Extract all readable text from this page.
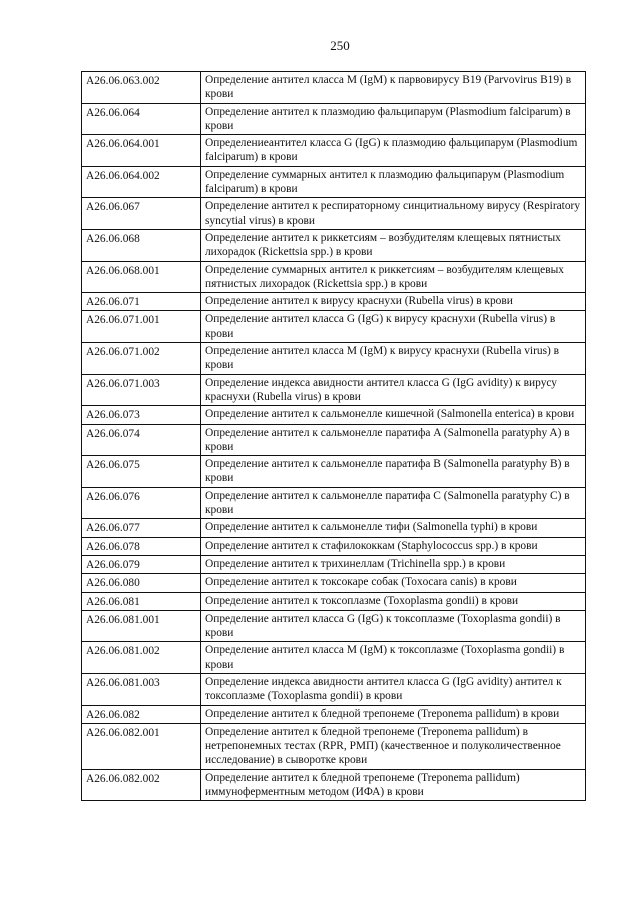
250
A26.06.063.002	Определение антител класса M (IgM) к парвовирусу B19 (Parvovirus B19) в крови
A26.06.064	Определение антител к плазмодию фальципарум (Plasmodium falciparum) в крови
A26.06.064.001	Определениеантител класса G (IgG) к плазмодию фальципарум (Plasmodium falciparum) в крови
A26.06.064.002	Определение суммарных антител к плазмодию фальципарум (Plasmodium falciparum) в крови
A26.06.067	Определение антител к респираторному синцитиальному вирусу (Respiratory syncytial virus) в крови
A26.06.068	Определение антител к риккетсиям – возбудителям клещевых пятнистых лихорадок (Rickettsia spp.) в крови
A26.06.068.001	Определение суммарных антител к риккетсиям – возбудителям клещевых пятнистых лихорадок (Rickettsia spp.) в крови
A26.06.071	Определение антител к вирусу краснухи (Rubella virus) в крови
A26.06.071.001	Определение антител класса G (IgG) к вирусу краснухи (Rubella virus) в крови
A26.06.071.002	Определение антител класса M (IgM) к вирусу краснухи (Rubella virus) в крови
A26.06.071.003	Определение индекса авидности антител класса G (IgG avidity) к вирусу краснухи (Rubella virus) в крови
A26.06.073	Определение антител к сальмонелле кишечной (Salmonella enterica) в крови
A26.06.074	Определение антител к сальмонелле паратифа A (Salmonella paratyphy A) в крови
A26.06.075	Определение антител к сальмонелле паратифа B (Salmonella paratyphy B) в крови
A26.06.076	Определение антител к сальмонелле паратифа C (Salmonella paratyphy C) в крови
A26.06.077	Определение антител к сальмонелле тифи (Salmonella typhi) в крови
A26.06.078	Определение антител к стафилококкам (Staphylococcus spp.) в крови
A26.06.079	Определение антител к трихинеллам (Trichinella spp.) в крови
A26.06.080	Определение антител к токсокаре собак (Toxocara canis) в крови
A26.06.081	Определение антител к токсоплазме (Toxoplasma gondii) в крови
A26.06.081.001	Определение антител класса G (IgG) к токсоплазме (Toxoplasma gondii) в крови
A26.06.081.002	Определение антител класса M (IgM) к токсоплазме (Toxoplasma gondii) в крови
A26.06.081.003	Определение индекса авидности антител класса G (IgG avidity) антител к токсоплазме (Toxoplasma gondii) в крови
A26.06.082	Определение антител к бледной трепонеме (Treponema pallidum) в крови
A26.06.082.001	Определение антител к бледной трепонеме (Treponema pallidum) в нетрепонемных тестах (RPR, PMП) (качественное и полуколичественное исследование) в сыворотке крови
A26.06.082.002	Определение антител к бледной трепонеме (Treponema pallidum) иммуноферментным методом (ИФА) в крови
